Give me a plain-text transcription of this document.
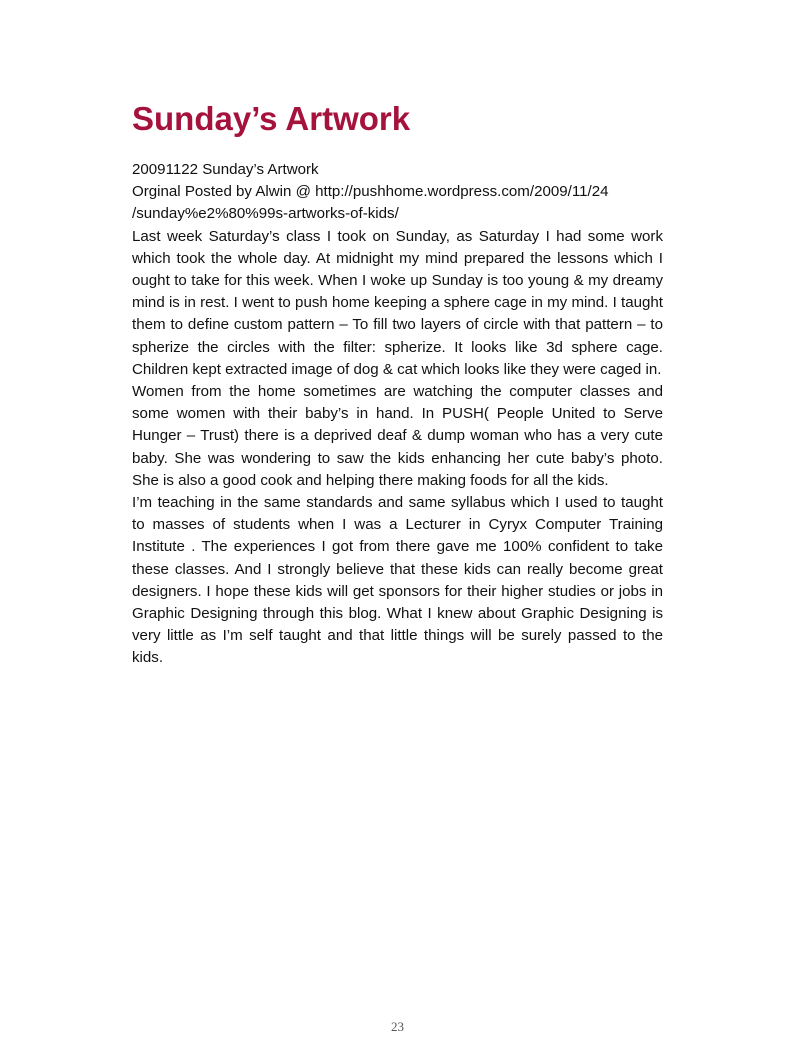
Sunday’s Artwork

20091122 Sunday’s Artwork

Orginal Posted by Alwin @ http://pushhome.wordpress.com/2009/11/24

/sunday%e2%80%99s-artworks-of-kids/

Last week Saturday’s class I took on Sunday, as Saturday I had some work which took the whole day. At midnight my mind prepared the lessons which I ought to take for this week. When I woke up Sunday is too young & my dreamy mind is in rest. I went to push home keeping a sphere cage in my mind. I taught them to define custom pattern – To fill two layers of circle with that pattern – to spherize the circles with the filter: spherize. It looks like 3d sphere cage. Children kept extracted image of dog & cat which looks like they were caged in.

Women from the home sometimes are watching the computer classes and some women with their baby’s in hand. In PUSH( People United to Serve Hunger – Trust) there is a deprived deaf & dump woman who has a very cute baby. She was wondering to saw the kids enhancing her cute baby’s photo. She is also a good cook and helping there making foods for all the kids.

I’m teaching in the same standards and same syllabus which I used to taught to masses of students when I was a Lecturer in Cyryx Computer Training Institute . The experiences I got from there gave me 100% confident to take these classes. And I strongly believe that these kids can really become great designers. I hope these kids will get sponsors for their higher studies or jobs in Graphic Designing through this blog. What I knew about Graphic Designing is very little as I’m self taught and that little things will be surely passed to the kids.

23
